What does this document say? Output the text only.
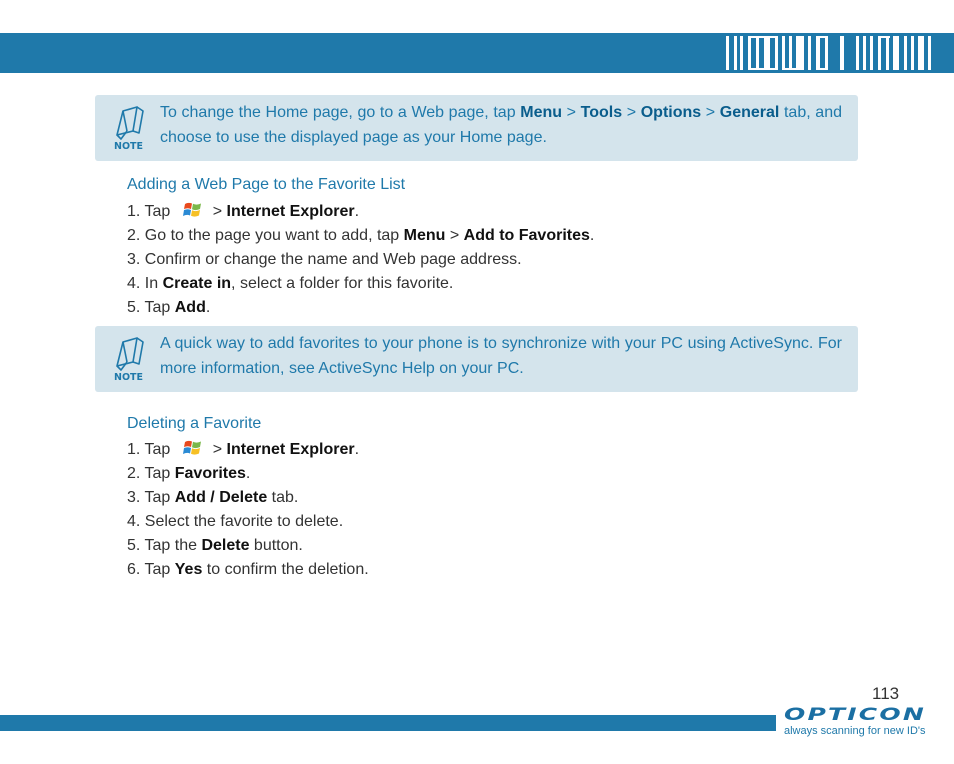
NOTE
To change the Home page, go to a Web page, tap Menu > Tools > Options > General tab, and choose to use the displayed page as your Home page.
Adding a Web Page to the Favorite List
1. Tap > Internet Explorer.
2. Go to the page you want to add, tap Menu > Add to Favorites.
3. Confirm or change the name and Web page address.
4. In Create in, select a folder for this favorite.
5. Tap Add.
NOTE
A quick way to add favorites to your phone is to synchronize with your PC using ActiveSync. For more information, see ActiveSync Help on your PC.
Deleting a Favorite
1. Tap > Internet Explorer.
2. Tap Favorites.
3. Tap Add / Delete tab.
4. Select the favorite to delete.
5. Tap the Delete button.
6. Tap Yes to confirm the deletion.
113
OPTICON
always scanning for new ID's
